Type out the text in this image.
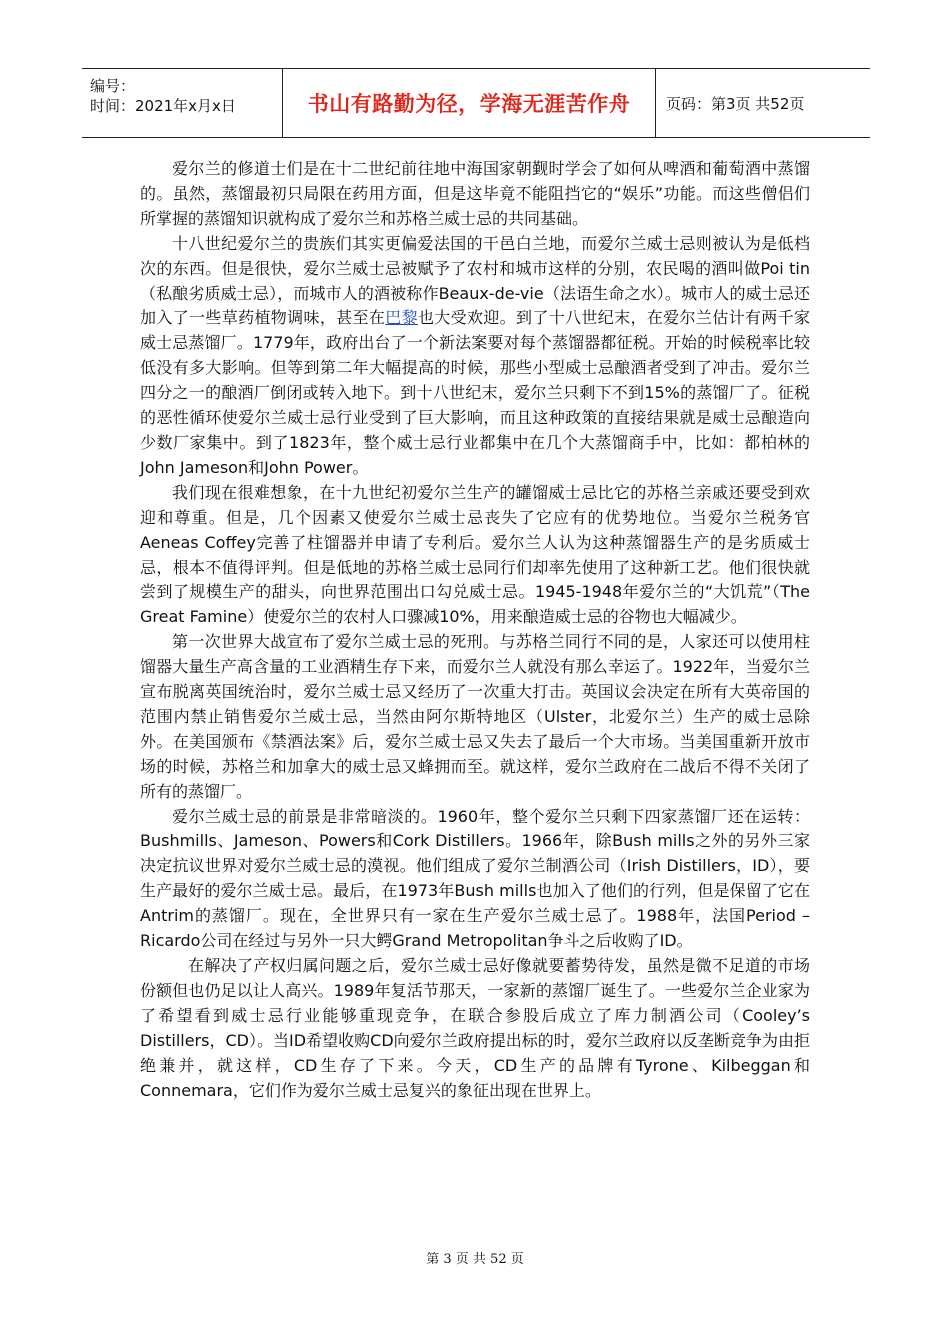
编号：
时间：2021年x月x日	书山有路勤为径，学海无涯苦作舟 页码：第3页 共52页

爱尔兰的修道士们是在十二世纪前往地中海国家朝觐时学会了如何从啤酒和葡萄酒中蒸馏的。虽然，蒸馏最初只局限在药用方面，但是这毕竟不能阻挡它的“娱乐”功能。而这些僧侣们所掌握的蒸馏知识就构成了爱尔兰和苏格兰威士忌的共同基础。

十八世纪爱尔兰的贵族们其实更偏爱法国的干邑白兰地，而爱尔兰威士忌则被认为是低档次的东西。但是很快，爱尔兰威士忌被赋予了农村和城市这样的分别，农民喝的酒叫做Poi tin（私酿劣质威士忌），而城市人的酒被称作Beaux-de-vie（法语生命之水）。城市人的威士忌还加入了一些草药植物调味，甚至在巴黎也大受欢迎。到了十八世纪末，在爱尔兰估计有两千家威士忌蒸馏厂。1779年，政府出台了一个新法案要对每个蒸馏器都征税。开始的时候税率比较低没有多大影响。但等到第二年大幅提高的时候，那些小型威士忌酿酒者受到了冲击。爱尔兰四分之一的酿酒厂倒闭或转入地下。到十八世纪末，爱尔兰只剩下不到15%的蒸馏厂了。征税的恶性循环使爱尔兰威士忌行业受到了巨大影响，而且这种政策的直接结果就是威士忌酿造向少数厂家集中。到了1823年，整个威士忌行业都集中在几个大蒸馏商手中，比如：都柏林的John Jameson和John Power。

我们现在很难想象，在十九世纪初爱尔兰生产的罐馏威士忌比它的苏格兰亲戚还要受到欢迎和尊重。但是，几个因素又使爱尔兰威士忌丧失了它应有的优势地位。当爱尔兰税务官Aeneas Coffey完善了柱馏器并申请了专利后。爱尔兰人认为这种蒸馏器生产的是劣质威士忌，根本不值得评判。但是低地的苏格兰威士忌同行们却率先使用了这种新工艺。他们很快就尝到了规模生产的甜头，向世界范围出口勾兑威士忌。1945-1948年爱尔兰的“大饥荒”（The Great Famine）使爱尔兰的农村人口骤减10%，用来酿造威士忌的谷物也大幅减少。

第一次世界大战宣布了爱尔兰威士忌的死刑。与苏格兰同行不同的是，人家还可以使用柱馏器大量生产高含量的工业酒精生存下来，而爱尔兰人就没有那么幸运了。1922年，当爱尔兰宣布脱离英国统治时，爱尔兰威士忌又经历了一次重大打击。英国议会决定在所有大英帝国的范围内禁止销售爱尔兰威士忌，当然由阿尔斯特地区（Ulster，北爱尔兰）生产的威士忌除外。在美国颁布《禁酒法案》后，爱尔兰威士忌又失去了最后一个大市场。当美国重新开放市场的时候，苏格兰和加拿大的威士忌又蜂拥而至。就这样，爱尔兰政府在二战后不得不关闭了所有的蒸馏厂。

爱尔兰威士忌的前景是非常暗淡的。1960年，整个爱尔兰只剩下四家蒸馏厂还在运转：Bushmills、Jameson、Powers和Cork Distillers。1966年，除Bush mills之外的另外三家决定抗议世界对爱尔兰威士忌的漠视。他们组成了爱尔兰制酒公司（Irish Distillers，ID），要生产最好的爱尔兰威士忌。最后，在1973年Bush mills也加入了他们的行列，但是保留了它在Antrim的蒸馏厂。现在，全世界只有一家在生产爱尔兰威士忌了。1988年，法国Period – Ricardo公司在经过与另外一只大鳄Grand Metropolitan争斗之后收购了ID。

在解决了产权归属问题之后，爱尔兰威士忌好像就要蓄势待发，虽然是微不足道的市场份额但也仍足以让人高兴。1989年复活节那天，一家新的蒸馏厂诞生了。一些爱尔兰企业家为了希望看到威士忌行业能够重现竞争，在联合参股后成立了库力制酒公司（Cooley’s Distillers，CD）。当ID希望收购CD向爱尔兰政府提出标的时，爱尔兰政府以反垄断竞争为由拒绝兼并，就这样，CD生存了下来。今天，CD生产的品牌有Tyrone、Kilbeggan和Connemara，它们作为爱尔兰威士忌复兴的象征出现在世界上。

第 3 页 共 52 页
